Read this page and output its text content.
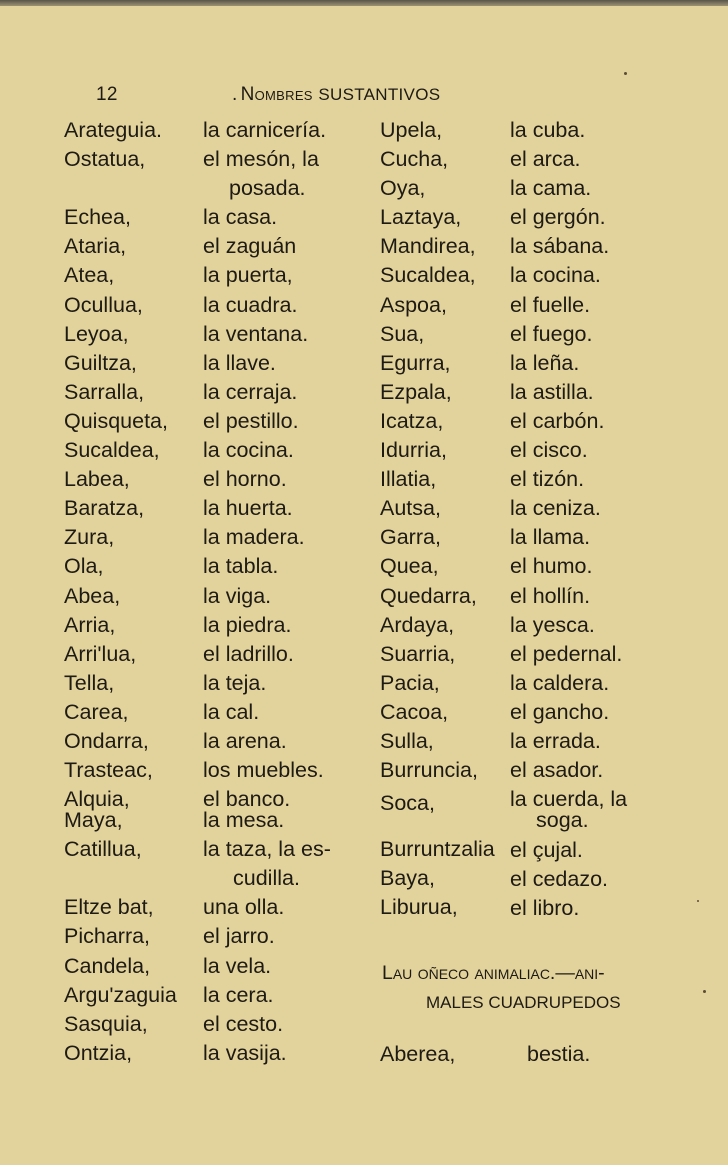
12	. Nombres SUSTANTIVOS
Arateguia.
Ostatua,
Echea,
Ataria,
Atea,
Ocullua,
Leyoa,
Guiltza,
Sarralla,
Quisqueta,
Sucaldea,
Labea,
Baratza,
Zura,
Ola,
Abea,
Arria,
Arri'lua,
Tella,
Carea,
Ondarra,
Trasteac,
Alquia,
Maya,
Catillua,
Eltze bat,
Picharra,
Candela,
Argu'zaguia
Sasquia,
Ontzia,
la carnicería.
el mesón, la
posada.
la casa.
el zaguán
la puerta,
la cuadra.
la ventana.
la llave.
la cerraja.
el pestillo.
la cocina.
el horno.
la huerta.
la madera.
la tabla.
la viga.
la piedra.
el ladrillo.
la teja.
la cal.
la arena.
los muebles.
el banco.
la mesa.
la taza, la es-
cudilla.
una olla.
el jarro.
la vela.
la cera.
el cesto.
la vasija.
Upela,
Cucha,
Oya,
Laztaya,
Mandirea,
Sucaldea,
Aspoa,
Sua,
Egurra,
Ezpala,
Icatza,
Idurria,
Illatia,
Autsa,
Garra,
Quea,
Quedarra,
Ardaya,
Suarria,
Pacia,
Cacoa,
Sulla,
Burruncia,
Soca,
Burruntzalia
Baya,
Liburua,
la cuba.
el arca.
la cama.
el gergón.
la sábana.
la cocina.
el fuelle.
el fuego.
la leña.
la astilla.
el carbón.
el cisco.
el tizón.
la ceniza.
la llama.
el humo.
el hollín.
la yesca.
el pedernal.
la caldera.
el gancho.
la errada.
el asador.
la cuerda, la
soga.
el çujal.
el cedazo.
el libro.
Lau oñeco animaliac.—ani-
MALES CUADRUPEDOS
Aberea,	bestia.
